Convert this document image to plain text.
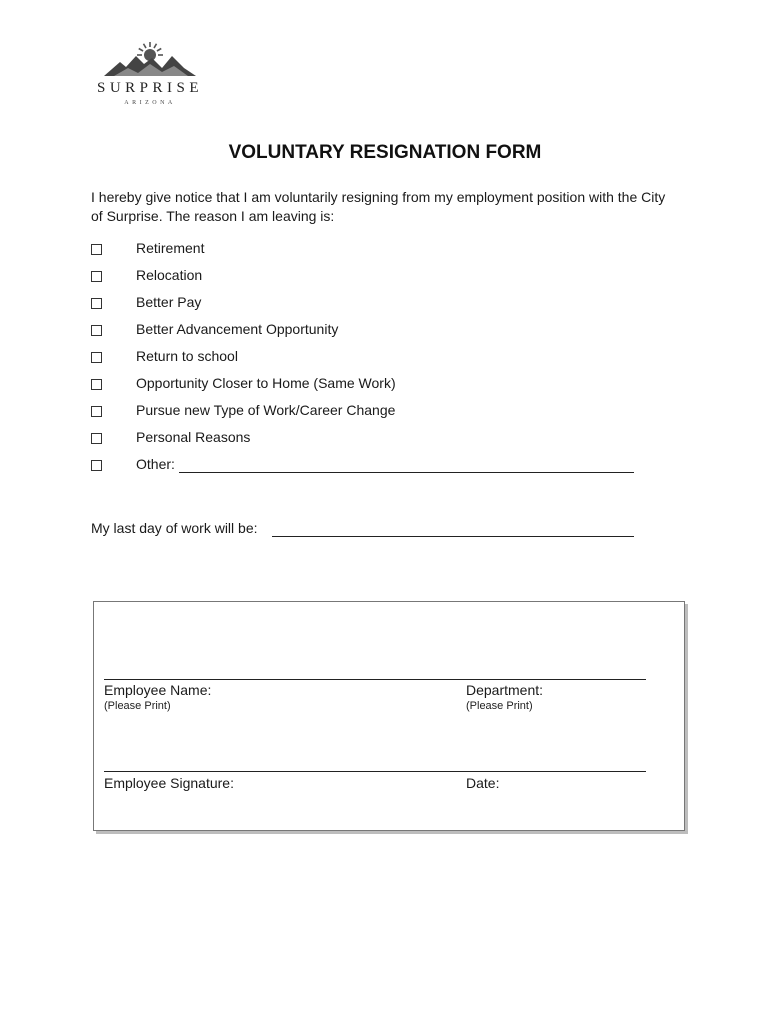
SURPRISE
ARIZONA
VOLUNTARY RESIGNATION FORM
I hereby give notice that I am voluntarily resigning from my employment position with the City of Surprise. The reason I am leaving is:
Retirement
Relocation
Better Pay
Better Advancement Opportunity
Return to school
Opportunity Closer to Home (Same Work)
Pursue new Type of Work/Career Change
Personal Reasons
Other:
My last day of work will be:
Employee Name:
(Please Print)
Department:
(Please Print)
Employee Signature:	Date:
